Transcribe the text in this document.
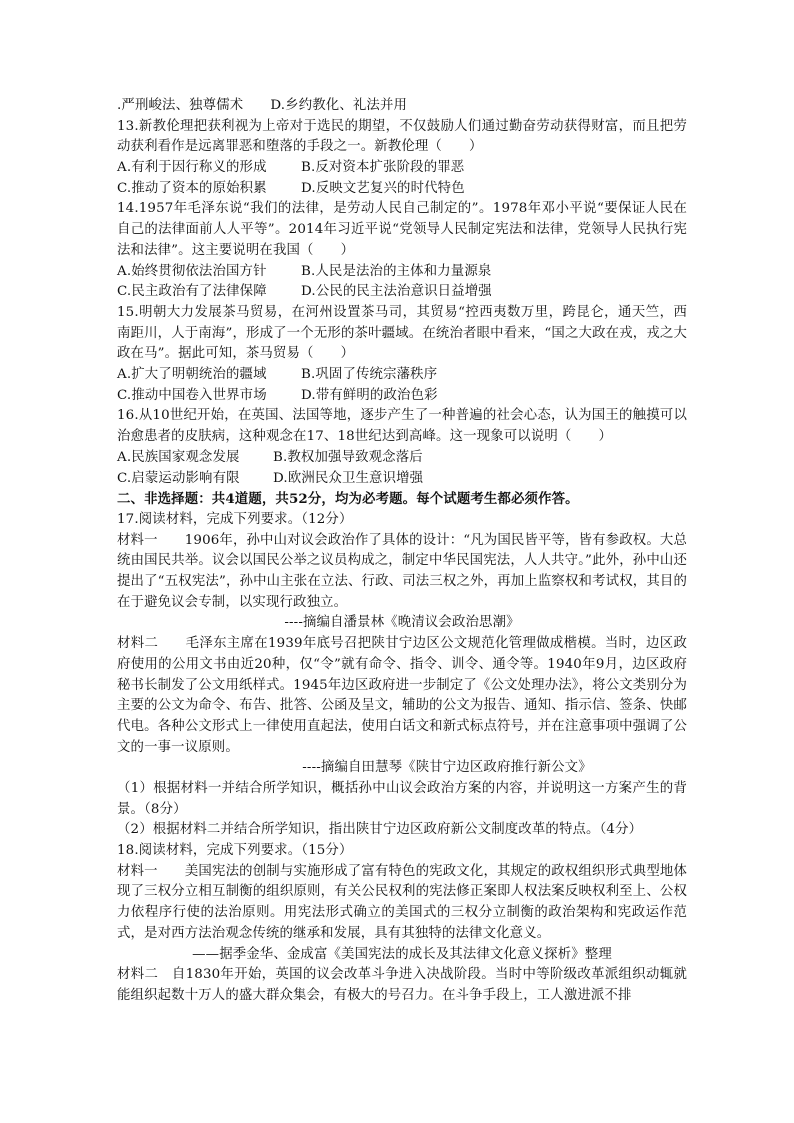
.严刑峻法、独尊儒术　　D.乡约教化、礼法并用
13.新教伦理把获利视为上帝对于选民的期望，不仅鼓励人们通过勤奋劳动获得财富，而且把劳动获利看作是远离罪恶和堕落的手段之一。新教伦理（　　）
A.有利于因行称义的形成	B.反对资本扩张阶段的罪恶
C.推动了资本的原始积累	D.反映文艺复兴的时代特色
14.1957年毛泽东说“我们的法律，是劳动人民自己制定的”。1978年邓小平说“要保证人民在自己的法律面前人人平等”。2014年习近平说“党领导人民制定宪法和法律，党领导人民执行宪法和法律”。这主要说明在我国（　　）
A.始终贯彻依法治国方针	B.人民是法治的主体和力量源泉
C.民主政治有了法律保障	D.公民的民主法治意识日益增强
15.明朝大力发展茶马贸易，在河州设置茶马司，其贸易“控西夷数万里，跨昆仑，通天竺，西南距川，人于南海”，形成了一个无形的茶叶疆域。在统治者眼中看来，“国之大政在戎，戎之大政在马”。据此可知，茶马贸易（　　）
A.扩大了明朝统治的疆域	B.巩固了传统宗藩秩序
C.推动中国卷入世界市场	D.带有鲜明的政治色彩
16.从10世纪开始，在英国、法国等地，逐步产生了一种普遍的社会心态，认为国王的触摸可以治愈患者的皮肤病，这种观念在17、18世纪达到高峰。这一现象可以说明（　　）
A.民族国家观念发展	B.教权加强导致观念落后
C.启蒙运动影响有限	D.欧洲民众卫生意识增强
二、非选择题：共4道题，共52分，均为必考题。每个试题考生都必须作答。
17.阅读材料，完成下列要求。（12分）
材料一　　1906年，孙中山对议会政治作了具体的设计：“凡为国民皆平等，皆有参政权。大总统由国民共举。议会以国民公举之议员构成之，制定中华民国宪法，人人共守。”此外，孙中山还提出了“五权宪法”，孙中山主张在立法、行政、司法三权之外，再加上监察权和考试权，其目的在于避免议会专制，以实现行政独立。
----摘编自潘景林《晚清议会政治思潮》
材料二　　毛泽东主席在1939年底号召把陕甘宁边区公文规范化管理做成楷模。当时，边区政府使用的公用文书由近20种，仅“令”就有命令、指令、训令、通令等。1940年9月，边区政府秘书长制发了公文用纸样式。1945年边区政府进一步制定了《公文处理办法》，将公文类别分为主要的公文为命令、布告、批答、公函及呈文，辅助的公文为报告、通知、指示信、签条、快邮代电。各种公文形式上一律使用直起法，使用白话文和新式标点符号，并在注意事项中强调了公文的一事一议原则。
----摘编自田慧琴《陕甘宁边区政府推行新公文》
（1）根据材料一并结合所学知识，概括孙中山议会政治方案的内容，并说明这一方案产生的背景。（8分）
（2）根据材料二并结合所学知识，指出陕甘宁边区政府新公文制度改革的特点。（4分）
18.阅读材料，完成下列要求。（15分）
材料一　　美国宪法的创制与实施形成了富有特色的宪政文化，其规定的政权组织形式典型地体现了三权分立相互制衡的组织原则，有关公民权利的宪法修正案即人权法案反映权利至上、公权力依程序行使的法治原则。用宪法形式确立的美国式的三权分立制衡的政治架构和宪政运作范式，是对西方法治观念传统的继承和发展，具有其独特的法律文化意义。
——据季金华、金成富《美国宪法的成长及其法律文化意义探析》整理
材料二　自1830年开始，英国的议会改革斗争进入决战阶段。当时中等阶级改革派组织动辄就能组织起数十万人的盛大群众集会，有极大的号召力。在斗争手段上，工人激进派不排
